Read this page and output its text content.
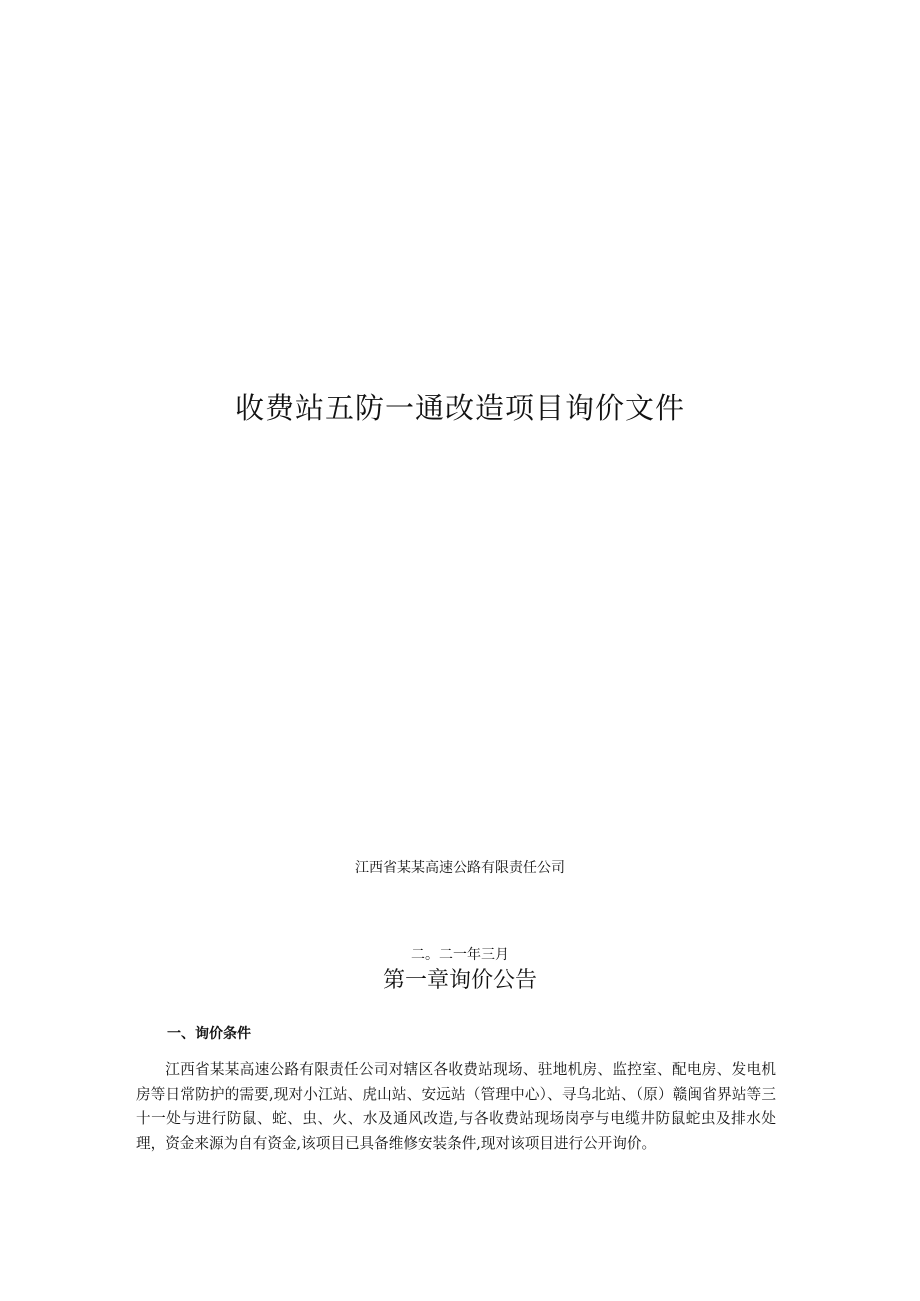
收费站五防一通改造项目询价文件
江西省某某高速公路有限责任公司
二。二一年三月
第一章询价公告
一、询价条件

江西省某某高速公路有限责任公司对辖区各收费站现场、驻地机房、监控室、配电房、发电机房等日常防护的需要,现对小江站、虎山站、安远站（管理中心）、寻乌北站、（原）赣闽省界站等三十一处与进行防鼠、蛇、虫、火、水及通风改造,与各收费站现场岗亭与电缆井防鼠蛇虫及排水处理，资金来源为自有资金,该项目已具备维修安装条件,现对该项目进行公开询价。
